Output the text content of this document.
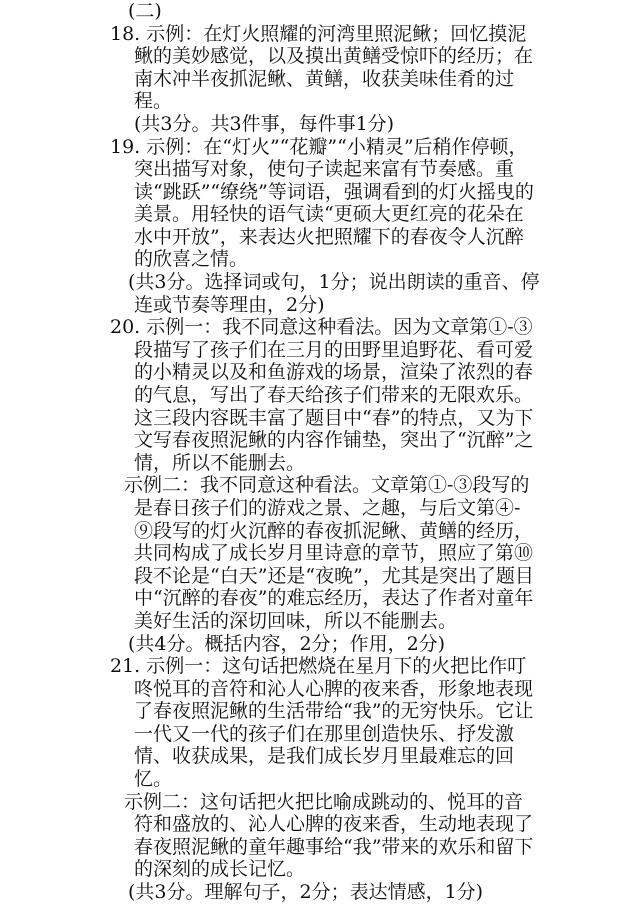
(二)
18. 示例：在灯火照耀的河湾里照泥鳅；回忆摸泥
鳅的美妙感觉，以及摸出黄鳝受惊吓的经历；在
南木冲半夜抓泥鳅、黄鳝，收获美味佳肴的过
程。
(共3分。共3件事，每件事1分)
19. 示例：在“灯火”“花瓣”“小精灵”后稍作停顿，
突出描写对象，使句子读起来富有节奏感。重
读“跳跃”“缭绕”等词语，强调看到的灯火摇曳的
美景。用轻快的语气读“更硕大更红亮的花朵在
水中开放”，来表达火把照耀下的春夜令人沉醉
的欣喜之情。
(共3分。选择词或句，1分；说出朗读的重音、停
连或节奏等理由，2分)
20. 示例一：我不同意这种看法。因为文章第①-③
段描写了孩子们在三月的田野里追野花、看可爱
的小精灵以及和鱼游戏的场景，渲染了浓烈的春
的气息，写出了春天给孩子们带来的无限欢乐。
这三段内容既丰富了题目中“春”的特点，又为下
文写春夜照泥鳅的内容作铺垫，突出了“沉醉”之
情，所以不能删去。
示例二：我不同意这种看法。文章第①-③段写的
是春日孩子们的游戏之景、之趣，与后文第④-
⑨段写的灯火沉醉的春夜抓泥鳅、黄鳝的经历，
共同构成了成长岁月里诗意的章节，照应了第⑩
段不论是“白天”还是“夜晚”，尤其是突出了题目
中“沉醉的春夜”的难忘经历，表达了作者对童年
美好生活的深切回味，所以不能删去。
(共4分。概括内容，2分；作用，2分)
21. 示例一：这句话把燃烧在星月下的火把比作叮
咚悦耳的音符和沁人心脾的夜来香，形象地表现
了春夜照泥鳅的生活带给“我”的无穷快乐。它让
一代又一代的孩子们在那里创造快乐、抒发激
情、收获成果，是我们成长岁月里最难忘的回
忆。
示例二：这句话把火把比喻成跳动的、悦耳的音
符和盛放的、沁人心脾的夜来香，生动地表现了
春夜照泥鳅的童年趣事给“我”带来的欢乐和留下
的深刻的成长记忆。
(共3分。理解句子，2分；表达情感，1分)
